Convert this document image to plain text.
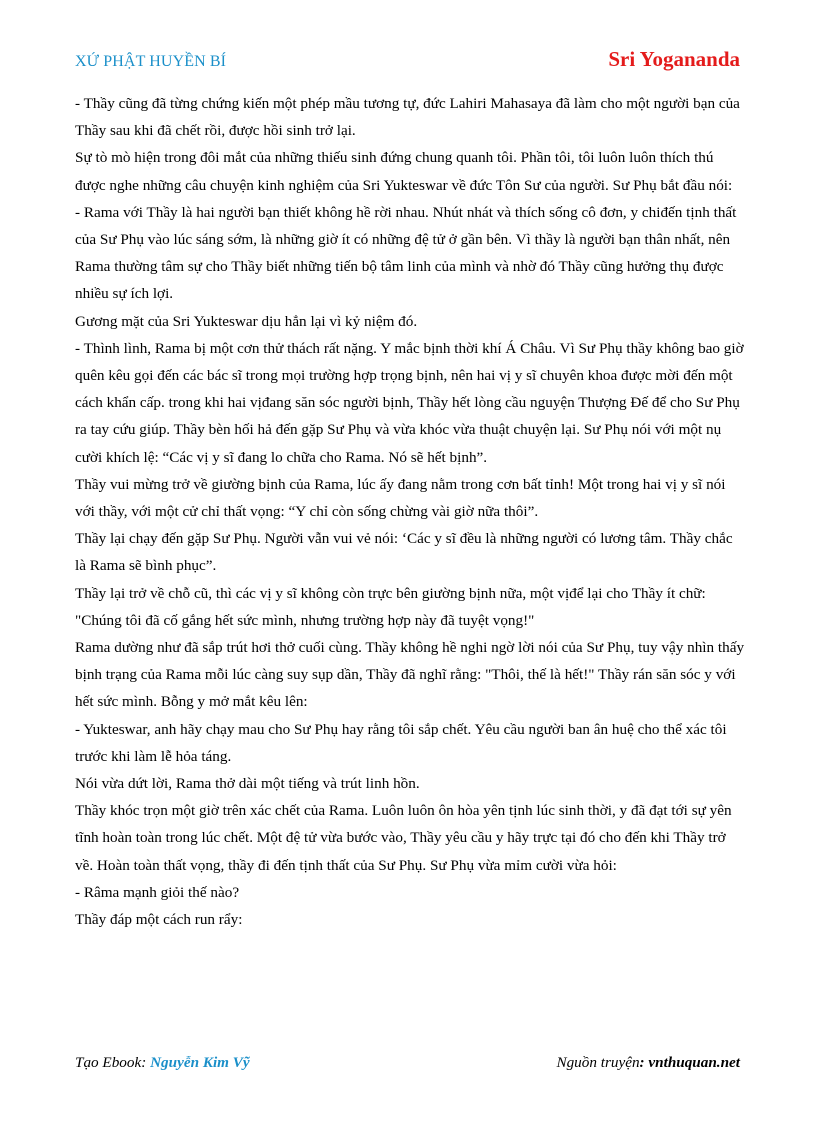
XỨ PHẬT HUYỀN BÍ	Sri Yogananda

- Thầy cũng đã từng chứng kiến một phép mầu tương tự, đức Lahiri Mahasaya đã làm cho một người bạn của Thầy sau khi đã chết rồi, được hồi sinh trở lại.

Sự tò mò hiện trong đôi mắt của những thiếu sinh đứng chung quanh tôi. Phần tôi, tôi luôn luôn thích thú được nghe những câu chuyện kinh nghiệm của Sri Yukteswar về đức Tôn Sư của người. Sư Phụ bắt đầu nói:

- Rama với Thầy là hai người bạn thiết không hề rời nhau. Nhút nhát và thích sống cô đơn, y chiđến tịnh thất của Sư Phụ vào lúc sáng sớm, là những giờ ít có những đệ tử ở gần bên. Vì thầy là người bạn thân nhất, nên Rama thường tâm sự cho Thầy biết những tiến bộ tâm linh của mình và nhờ đó Thầy cũng hưởng thụ được nhiều sự ích lợi.

Gương mặt của Sri Yukteswar dịu hẳn lại vì kỷ niệm đó.

- Thình lình, Rama bị một cơn thử thách rất nặng. Y mắc bịnh thời khí Á Châu. Vì Sư Phụ thầy không bao giờ quên kêu gọi đến các bác sĩ trong mọi trường hợp trọng bịnh, nên hai vị y sĩ chuyên khoa được mời đến một cách khẩn cấp. trong khi hai vịđang săn sóc người bịnh, Thầy hết lòng cầu nguyện Thượng Đế để cho Sư Phụ ra tay cứu giúp. Thầy bèn hối hả đến gặp Sư Phụ và vừa khóc vừa thuật chuyện lại. Sư Phụ nói với một nụ cười khích lệ: “Các vị y sĩ đang lo chữa cho Rama. Nó sẽ hết bịnh”.

Thầy vui mừng trở về giường bịnh của Rama, lúc ấy đang nằm trong cơn bất tỉnh! Một trong hai vị y sĩ nói với thầy, với một cử chỉ thất vọng: “Y chỉ còn sống chừng vài giờ nữa thôi”.

Thầy lại chạy đến gặp Sư Phụ. Người vẫn vui vẻ nói: ‘Các y sĩ đều là những người có lương tâm. Thầy chắc là Rama sẽ bình phục”.

Thầy lại trở về chỗ cũ, thì các vị y sĩ không còn trực bên giường bịnh nữa, một vịđể lại cho Thầy ít chữ: "Chúng tôi đã cố gắng hết sức mình, nhưng trường hợp này đã tuyệt vọng!"

Rama dường như đã sắp trút hơi thở cuối cùng. Thầy không hề nghi ngờ lời nói của Sư Phụ, tuy vậy nhìn thấy bịnh trạng của Rama mỗi lúc càng suy sụp dần, Thầy đã nghĩ rằng: "Thôi, thế là hết!" Thầy rán săn sóc y với hết sức mình. Bỗng y mở mắt kêu lên:

- Yukteswar, anh hãy chạy mau cho Sư Phụ hay rằng tôi sắp chết. Yêu cầu người ban ân huệ cho thể xác tôi trước khi làm lễ hỏa táng.

Nói vừa dứt lời, Rama thở dài một tiếng và trút linh hồn.

Thầy khóc trọn một giờ trên xác chết của Rama. Luôn luôn ôn hòa yên tịnh lúc sinh thời, y đã đạt tới sự yên tĩnh hoàn toàn trong lúc chết. Một đệ tử vừa bước vào, Thầy yêu cầu y hãy trực tại đó cho đến khi Thầy trở về. Hoàn toàn thất vọng, thầy đi đến tịnh thất của Sư Phụ. Sư Phụ vừa mỉm cười vừa hỏi:

- Râma mạnh giỏi thế nào?

Thầy đáp một cách run rẩy:

Tạo Ebook: Nguyễn Kim Vỹ	Nguồn truyện: vnthuquan.net
